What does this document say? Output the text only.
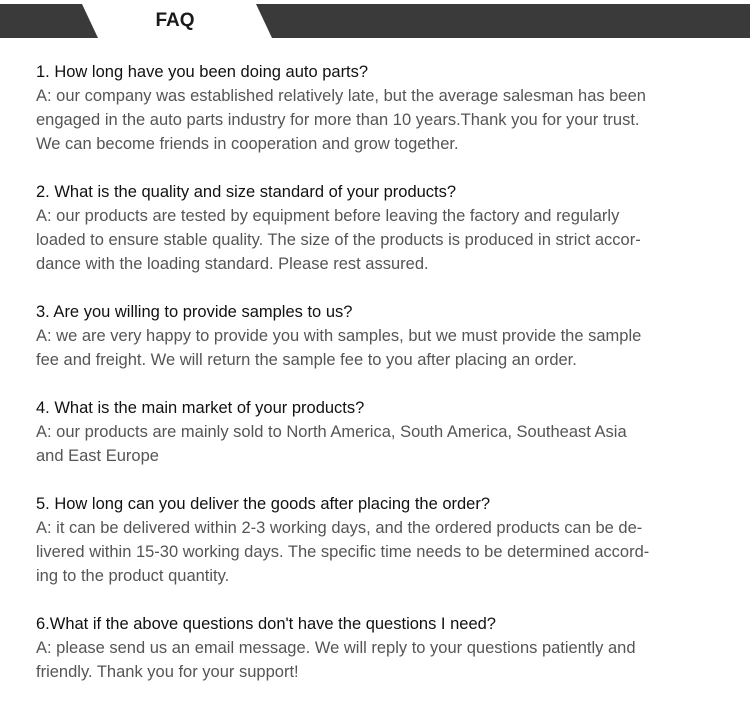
FAQ
1. How long have you been doing auto parts?
A: our company was established relatively late, but the average salesman has been
engaged in the auto parts industry for more than 10 years.Thank you for your trust.
We can become friends in cooperation and grow together.
2. What is the quality and size standard of your products?
A: our products are tested by equipment before leaving the factory and regularly
loaded to ensure stable quality. The size of the products is produced in strict accor-
dance with the loading standard. Please rest assured.
3. Are you willing to provide samples to us?
A: we are very happy to provide you with samples, but we must provide the sample
fee and freight. We will return the sample fee to you after placing an order.
4. What is the main market of your products?
A: our products are mainly sold to North America, South America, Southeast Asia
and East Europe
5. How long can you deliver the goods after placing the order?
A: it can be delivered within 2-3 working days, and the ordered products can be de-
livered within 15-30 working days. The specific time needs to be determined accord-
ing to the product quantity.
6.What if the above questions don't have the questions I need?
A: please send us an email message. We will reply to your questions patiently and
friendly. Thank you for your support!
